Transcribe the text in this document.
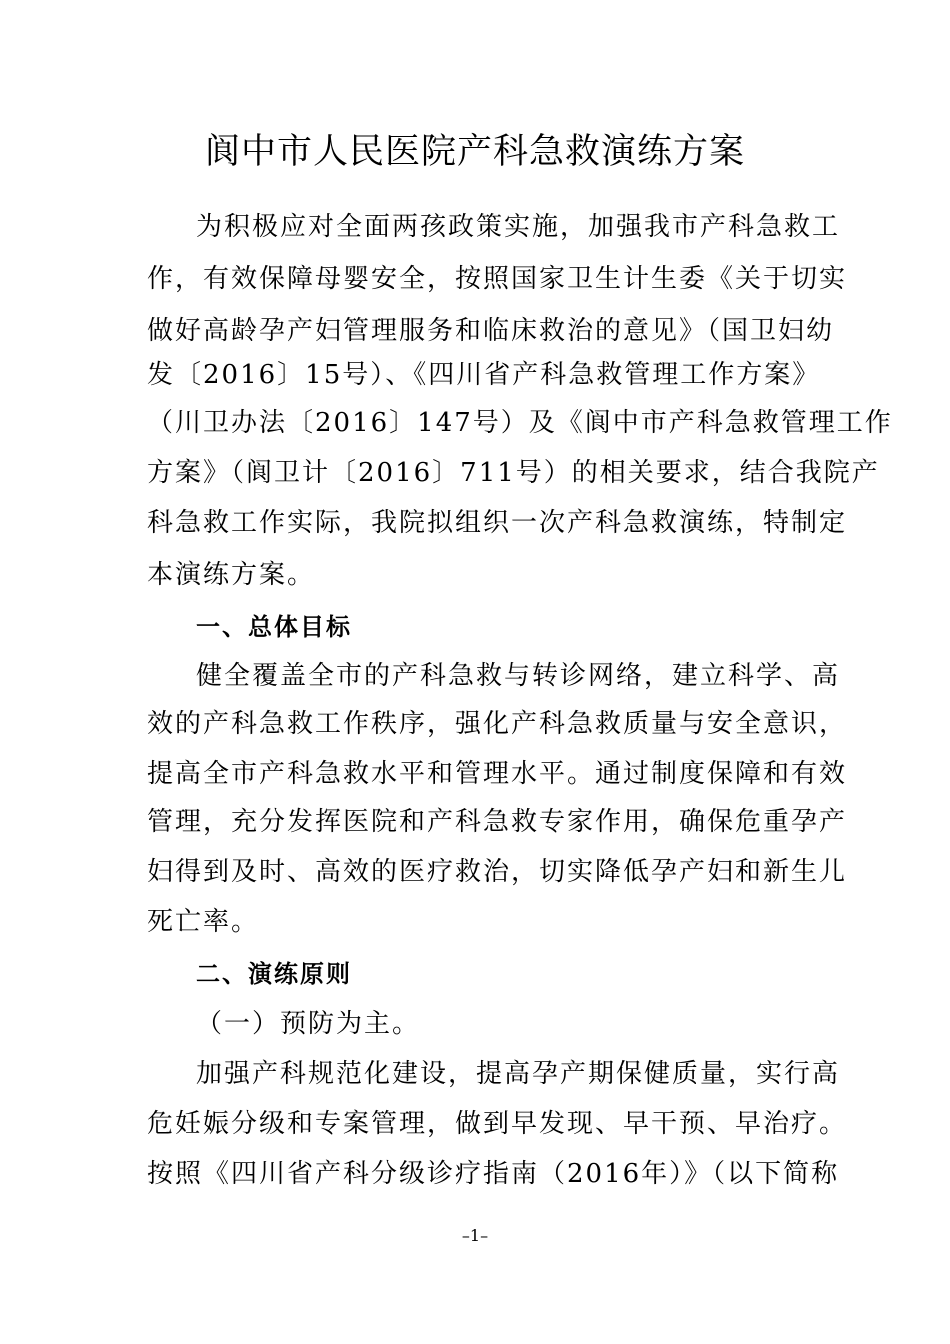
阆中市人民医院产科急救演练方案
为积极应对全面两孩政策实施，加强我市产科急救工
作，有效保障母婴安全，按照国家卫生计生委《关于切实
做好高龄孕产妇管理服务和临床救治的意见》（国卫妇幼
发〔2016〕15号）、《四川省产科急救管理工作方案》
（川卫办法〔2016〕147号）及《阆中市产科急救管理工作
方案》（阆卫计〔2016〕711号）的相关要求，结合我院产
科急救工作实际，我院拟组织一次产科急救演练，特制定
本演练方案。
一、总体目标
健全覆盖全市的产科急救与转诊网络，建立科学、高
效的产科急救工作秩序，强化产科急救质量与安全意识，
提高全市产科急救水平和管理水平。通过制度保障和有效
管理，充分发挥医院和产科急救专家作用，确保危重孕产
妇得到及时、高效的医疗救治，切实降低孕产妇和新生儿
死亡率。
二、演练原则
（一）预防为主。
加强产科规范化建设，提高孕产期保健质量，实行高
危妊娠分级和专案管理，做到早发现、早干预、早治疗。
按照《四川省产科分级诊疗指南（2016年）》（以下简称
–1–
